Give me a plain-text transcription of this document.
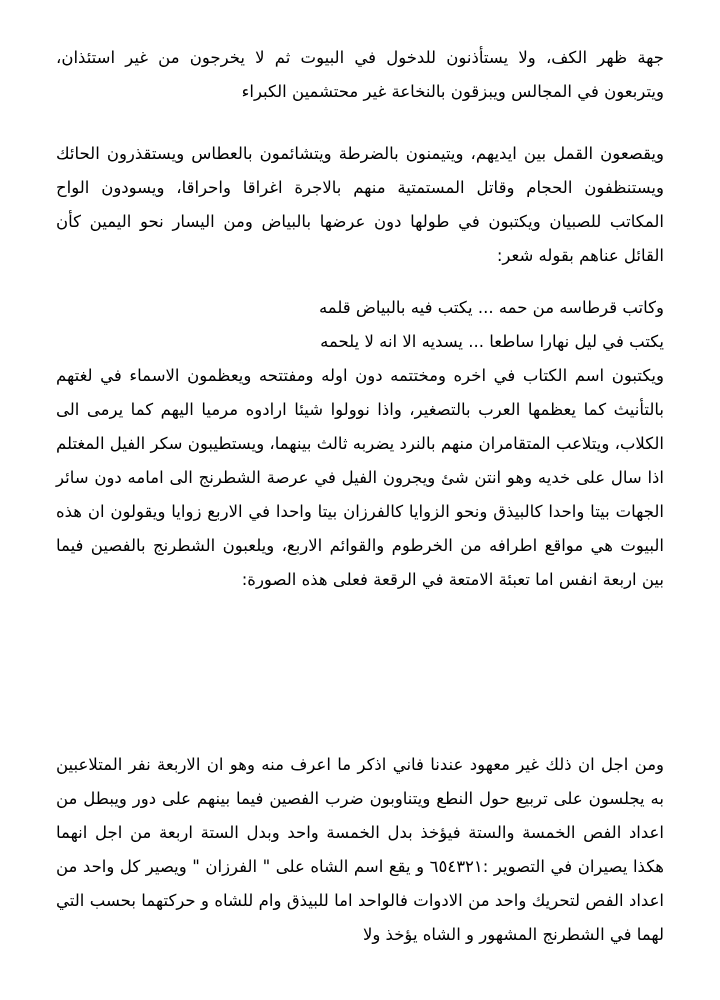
جهة ظهر الكف، ولا يستأذنون للدخول في البيوت ثم لا يخرجون من غير استئذان، ويتربعون في المجالس ويبزقون بالنخاعة غير محتشمين الكبراء

ويقصعون القمل بين ايديهم، ويتيمنون بالضرطة ويتشائمون بالعطاس ويستقذرون الحائك ويستنظفون الحجام وقاتل المستمتية منهم بالاجرة اغراقا واحراقا، ويسودون الواح المكاتب للصبيان ويكتبون في طولها دون عرضها بالبياض ومن اليسار نحو اليمين كأن القائل عناهم بقوله شعر:

وكاتب قرطاسه من حمه ... يكتب فيه بالبياض قلمه

يكتب في ليل نهارا ساطعا ... يسديه الا انه لا يلحمه

ويكتبون اسم الكتاب في اخره ومختتمه دون اوله ومفتتحه ويعظمون الاسماء في لغتهم بالتأنيث كما يعظمها العرب بالتصغير، واذا نوولوا شيئا ارادوه مرميا اليهم كما يرمى الى الكلاب، ويتلاعب المتقامران منهم بالنرد يضربه ثالث بينهما، ويستطيبون سكر الفيل المغتلم اذا سال على خديه وهو انتن شئ ويجرون الفيل في عرصة الشطرنج الى امامه دون سائر الجهات بيتا واحدا كالبيذق ونحو الزوايا كالفرزان بيتا واحدا في الاربع زوايا ويقولون ان هذه البيوت هي مواقع اطرافه من الخرطوم والقوائم الاربع، ويلعبون الشطرنج بالفصين فيما بين اربعة انفس اما تعبئة الامتعة في الرقعة فعلى هذه الصورة:

ومن اجل ان ذلك غير معهود عندنا فاني اذكر ما اعرف منه وهو ان الاربعة نفر المتلاعبين به يجلسون على تربيع حول النطع ويتناوبون ضرب الفصين فيما بينهم على دور ويبطل من اعداد الفص الخمسة والستة فيؤخذ بدل الخمسة واحد وبدل الستة اربعة من اجل انهما هكذا يصيران في التصوير :٦٥٤٣٢١ و يقع اسم الشاه على " الفرزان " ويصير كل واحد من اعداد الفص لتحريك واحد من الادوات فالواحد اما للبيذق وام للشاه و حركتهما بحسب التي لهما في الشطرنج المشهور و الشاه يؤخذ ولا
